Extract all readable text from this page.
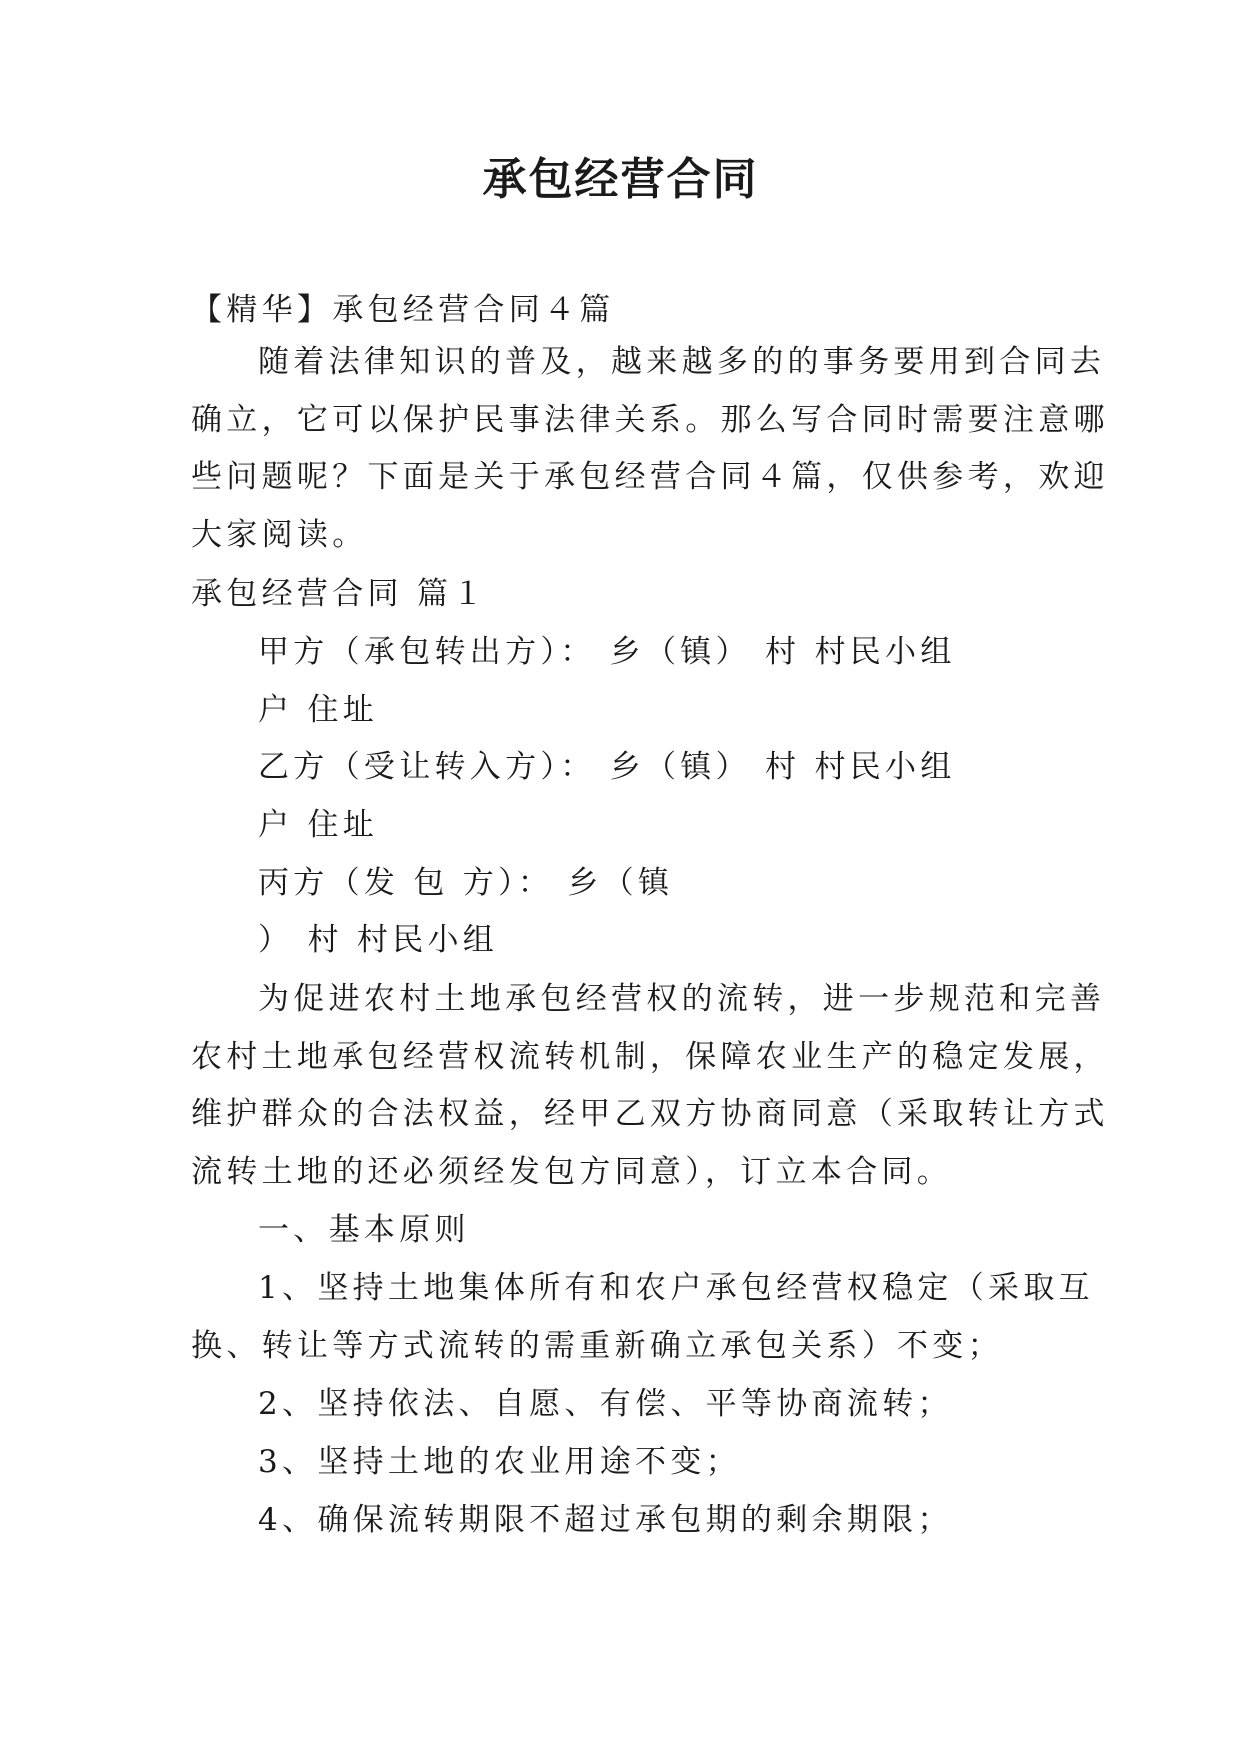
承包经营合同

【精华】承包经营合同４篇

随着法律知识的普及，越来越多的的事务要用到合同去

确立，它可以保护民事法律关系。那么写合同时需要注意哪

些问题呢？下面是关于承包经营合同４篇，仅供参考，欢迎

大家阅读。

承包经营合同 篇１

甲方（承包转出方）： 乡（镇） 村 村民小组

户 住址

乙方（受让转入方）： 乡（镇） 村 村民小组

户 住址

丙方（发 包 方）： 乡（镇

） 村 村民小组

为促进农村土地承包经营权的流转，进一步规范和完善

农村土地承包经营权流转机制，保障农业生产的稳定发展，

维护群众的合法权益，经甲乙双方协商同意（采取转让方式

流转土地的还必须经发包方同意），订立本合同。

一、基本原则

1、坚持土地集体所有和农户承包经营权稳定（采取互

换、转让等方式流转的需重新确立承包关系）不变；

2、坚持依法、自愿、有偿、平等协商流转；

3、坚持土地的农业用途不变；

4、确保流转期限不超过承包期的剩余期限；
